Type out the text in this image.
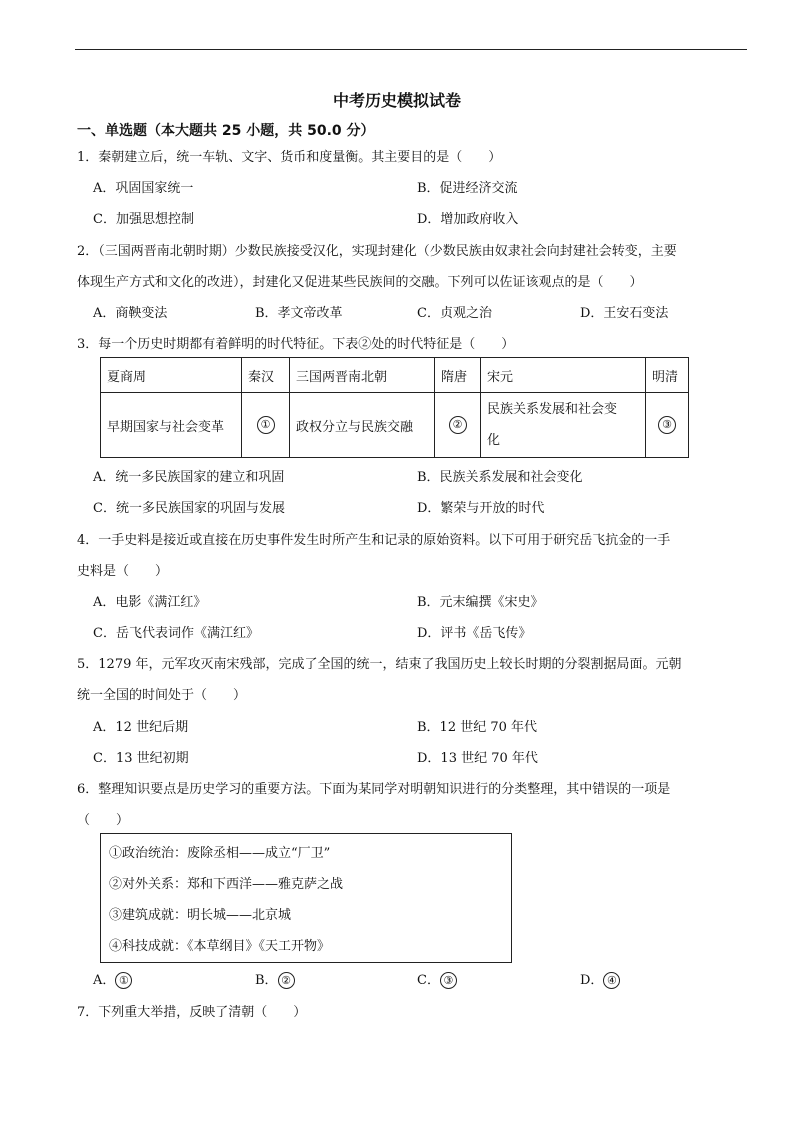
中考历史模拟试卷
一、单选题（本大题共 25 小题，共 50.0 分）
1．秦朝建立后，统一车轨、文字、货币和度量衡。其主要目的是（　　）
A．巩固国家统一	B．促进经济交流
C．加强思想控制	D．增加政府收入
2．（三国两晋南北朝时期）少数民族接受汉化，实现封建化（少数民族由奴隶社会向封建社会转变，主要
体现生产方式和文化的改进），封建化又促进某些民族间的交融。下列可以佐证该观点的是（　　）
A．商鞅变法	B．孝文帝改革	C．贞观之治	D．王安石变法
3．每一个历史时期都有着鲜明的时代特征。下表②处的时代特征是（　　）
夏商周	秦汉	三国两晋南北朝	隋唐	宋元	明清
早期国家与社会变革	①	政权分立与民族交融	②	民族关系发展和社会变
化	③
A．统一多民族国家的建立和巩固	B．民族关系发展和社会变化
C．统一多民族国家的巩固与发展	D．繁荣与开放的时代
4．一手史料是接近或直接在历史事件发生时所产生和记录的原始资料。以下可用于研究岳飞抗金的一手
史料是（　　）
A．电影《满江红》	B．元末编撰《宋史》
C．岳飞代表词作《满江红》	D．评书《岳飞传》
5．1279 年，元军攻灭南宋残部，完成了全国的统一，结束了我国历史上较长时期的分裂割据局面。元朝
统一全国的时间处于（　　）
A．12 世纪后期	B．12 世纪 70 年代
C．13 世纪初期	D．13 世纪 70 年代
6．整理知识要点是历史学习的重要方法。下面为某同学对明朝知识进行的分类整理，其中错误的一项是
（　　）
①政治统治：废除丞相——成立“厂卫”
②对外关系：郑和下西洋——雅克萨之战
③建筑成就：明长城——北京城
④科技成就：《本草纲目》《天工开物》
A． ①	B． ②	C． ③	D． ④
7．下列重大举措，反映了清朝（　　）
